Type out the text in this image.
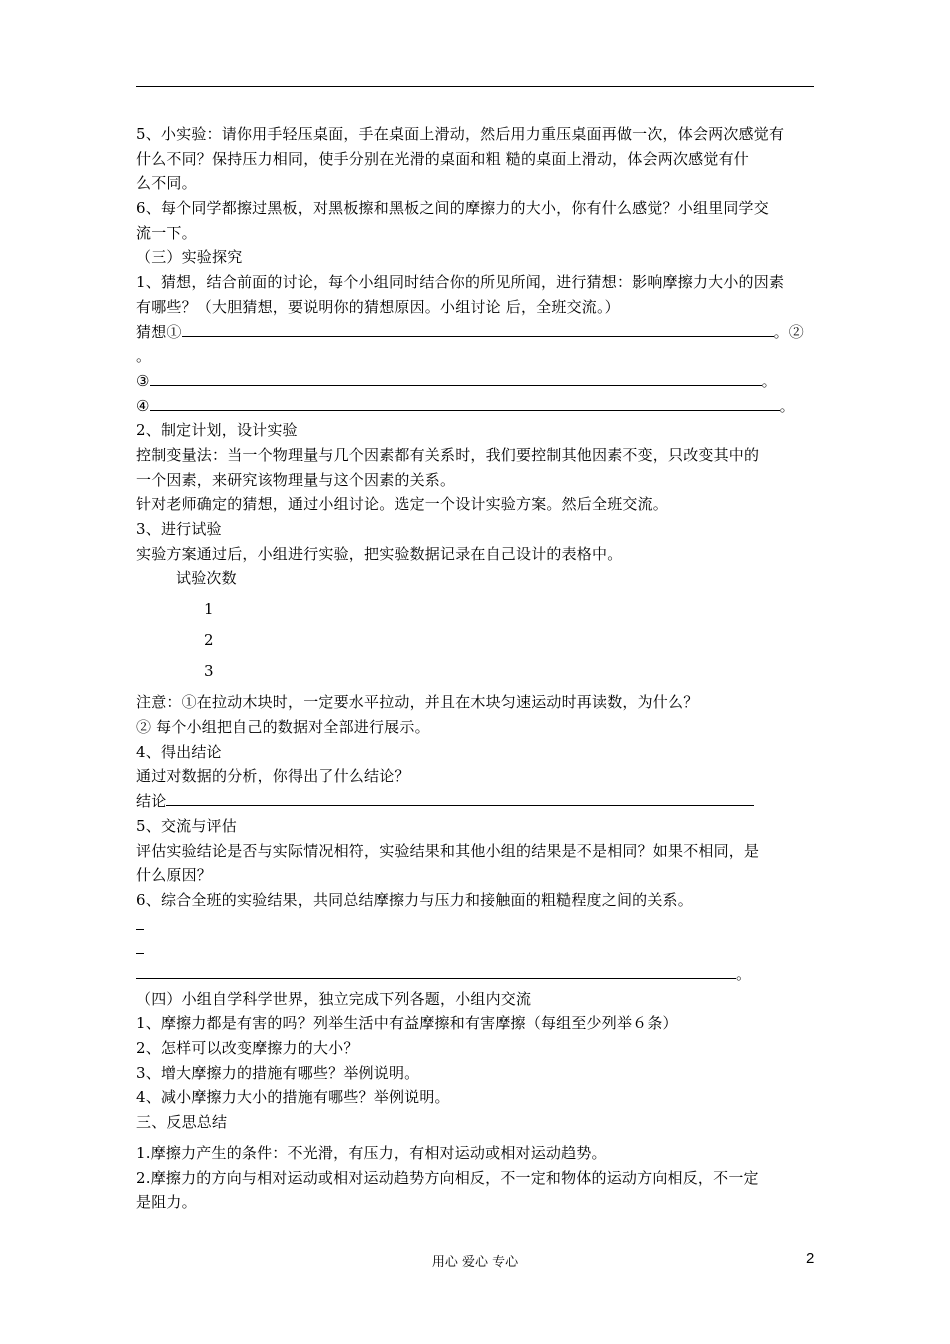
5、小实验：请你用手轻压桌面，手在桌面上滑动，然后用力重压桌面再做一次，体会两次感觉有
什么不同？保持压力相同，使手分别在光滑的桌面和粗 糙的桌面上滑动，体会两次感觉有什
么不同。
6、每个同学都擦过黑板，对黑板擦和黑板之间的摩擦力的大小，你有什么感觉？小组里同学交
流一下。
（三）实验探究
1、猜想，结合前面的讨论，每个小组同时结合你的所见所闻，进行猜想：影响摩擦力大小的因素
有哪些？（大胆猜想，要说明你的猜想原因。小组讨论 后，全班交流。）
猜想①	。②
。
③	。
④	。
2、制定计划，设计实验
控制变量法：当一个物理量与几个因素都有关系时，我们要控制其他因素不变，只改变其中的
一个因素，来研究该物理量与这个因素的关系。
针对老师确定的猜想，通过小组讨论。选定一个设计实验方案。然后全班交流。
3、进行试验
实验方案通过后，小组进行实验，把实验数据记录在自己设计的表格中。
试验次数
1
2
3
注意：①在拉动木块时，一定要水平拉动，并且在木块匀速运动时再读数，为什么？
② 每个小组把自己的数据对全部进行展示。
4、得出结论
通过对数据的分析，你得出了什么结论？
结论
5、交流与评估
评估实验结论是否与实际情况相符，实验结果和其他小组的结果是不是相同？如果不相同，是
什么原因？
6、综合全班的实验结果，共同总结摩擦力与压力和接触面的粗糙程度之间的关系。
。
（四）小组自学科学世界，独立完成下列各题，小组内交流
1、摩擦力都是有害的吗？列举生活中有益摩擦和有害摩擦（每组至少列举６条）
2、怎样可以改变摩擦力的大小？
3、增大摩擦力的措施有哪些？举例说明。
4、减小摩擦力大小的措施有哪些？举例说明。
三、反思总结
1.摩擦力产生的条件：不光滑，有压力，有相对运动或相对运动趋势。
2.摩擦力的方向与相对运动或相对运动趋势方向相反，不一定和物体的运动方向相反，不一定
是阻力。
用心 爱心 专心	2
